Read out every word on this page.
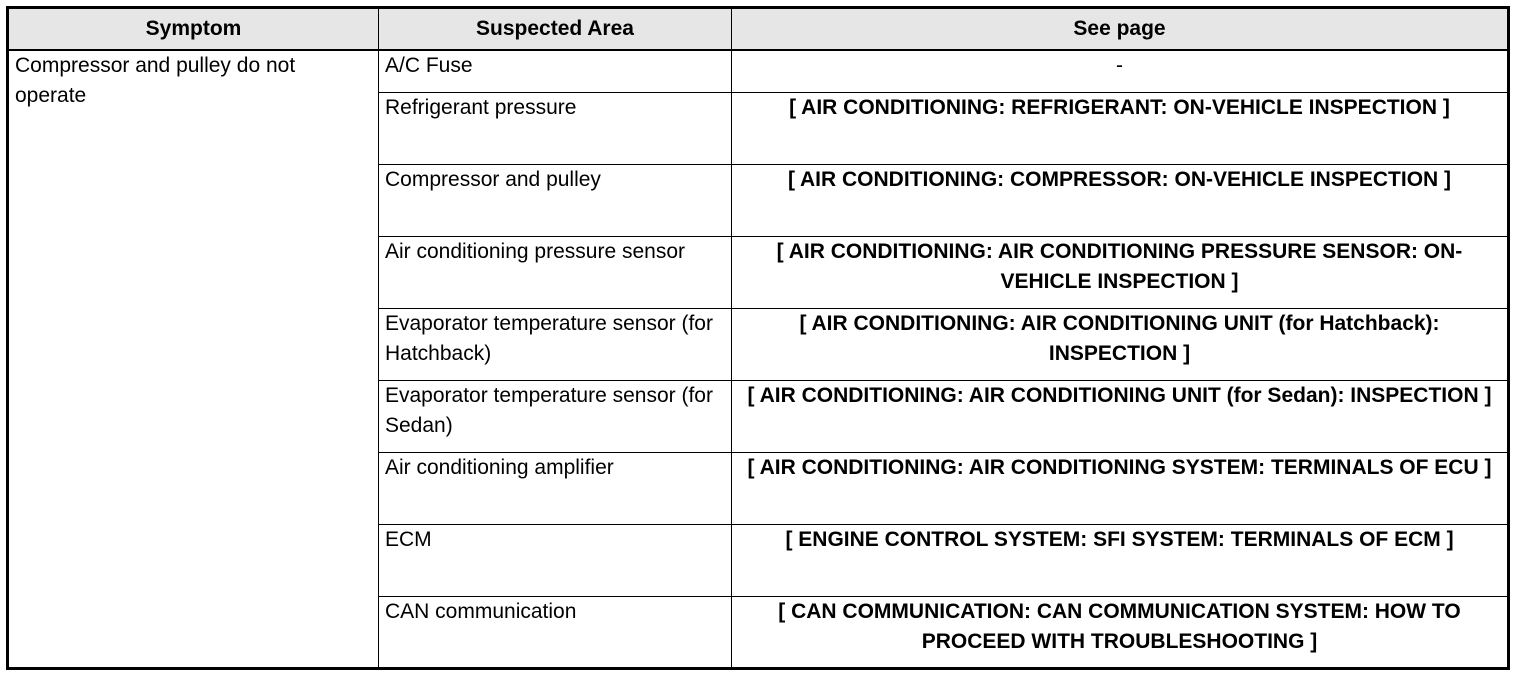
Symptom	Suspected Area	See page
Compressor and pulley do not operate	A/C Fuse	-
	Refrigerant pressure	[ AIR CONDITIONING: REFRIGERANT: ON-VEHICLE INSPECTION ]
	Compressor and pulley	[ AIR CONDITIONING: COMPRESSOR: ON-VEHICLE INSPECTION ]
	Air conditioning pressure sensor	[ AIR CONDITIONING: AIR CONDITIONING PRESSURE SENSOR: ON-VEHICLE INSPECTION ]
	Evaporator temperature sensor (for Hatchback)	[ AIR CONDITIONING: AIR CONDITIONING UNIT (for Hatchback): INSPECTION ]
	Evaporator temperature sensor (for Sedan)	[ AIR CONDITIONING: AIR CONDITIONING UNIT (for Sedan): INSPECTION ]
	Air conditioning amplifier	[ AIR CONDITIONING: AIR CONDITIONING SYSTEM: TERMINALS OF ECU ]
	ECM	[ ENGINE CONTROL SYSTEM: SFI SYSTEM: TERMINALS OF ECM ]
	CAN communication	[ CAN COMMUNICATION: CAN COMMUNICATION SYSTEM: HOW TO PROCEED WITH TROUBLESHOOTING ]
